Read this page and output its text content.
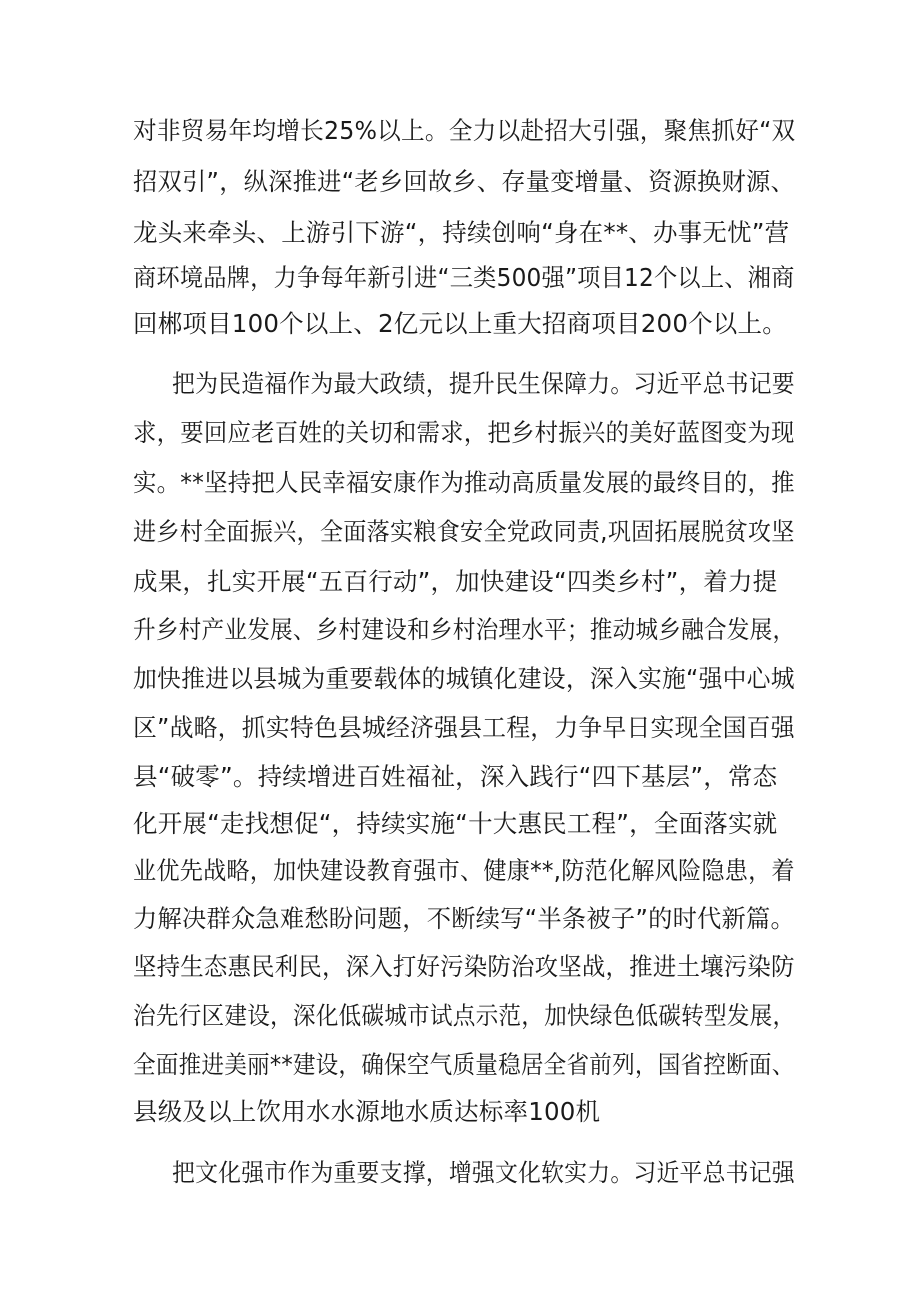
对非贸易年均增长25%以上。全力以赴招大引强，聚焦抓好“双
招双引”，纵深推进“老乡回故乡、存量变增量、资源换财源、
龙头来牵头、上游引下游“，持续创响“身在**、办事无忧”营
商环境品牌，力争每年新引进“三类500强”项目12个以上、湘商
回郴项目100个以上、2亿元以上重大招商项目200个以上。
把为民造福作为最大政绩，提升民生保障力。习近平总书记要
求，要回应老百姓的关切和需求，把乡村振兴的美好蓝图变为现
实。**坚持把人民幸福安康作为推动高质量发展的最终目的，推
进乡村全面振兴，全面落实粮食安全党政同责,巩固拓展脱贫攻坚
成果，扎实开展“五百行动”，加快建设“四类乡村”，着力提
升乡村产业发展、乡村建设和乡村治理水平；推动城乡融合发展，
加快推进以县城为重要载体的城镇化建设，深入实施“强中心城
区”战略，抓实特色县城经济强县工程，力争早日实现全国百强
县“破零”。持续增进百姓福祉，深入践行“四下基层”，常态
化开展“走找想促“，持续实施“十大惠民工程”，全面落实就
业优先战略，加快建设教育强市、健康**,防范化解风险隐患，着
力解决群众急难愁盼问题，不断续写“半条被子”的时代新篇。
坚持生态惠民利民，深入打好污染防治攻坚战，推进土壤污染防
治先行区建设，深化低碳城市试点示范，加快绿色低碳转型发展，
全面推进美丽**建设，确保空气质量稳居全省前列，国省控断面、
县级及以上饮用水水源地水质达标率100机
把文化强市作为重要支撑，增强文化软实力。习近平总书记强
